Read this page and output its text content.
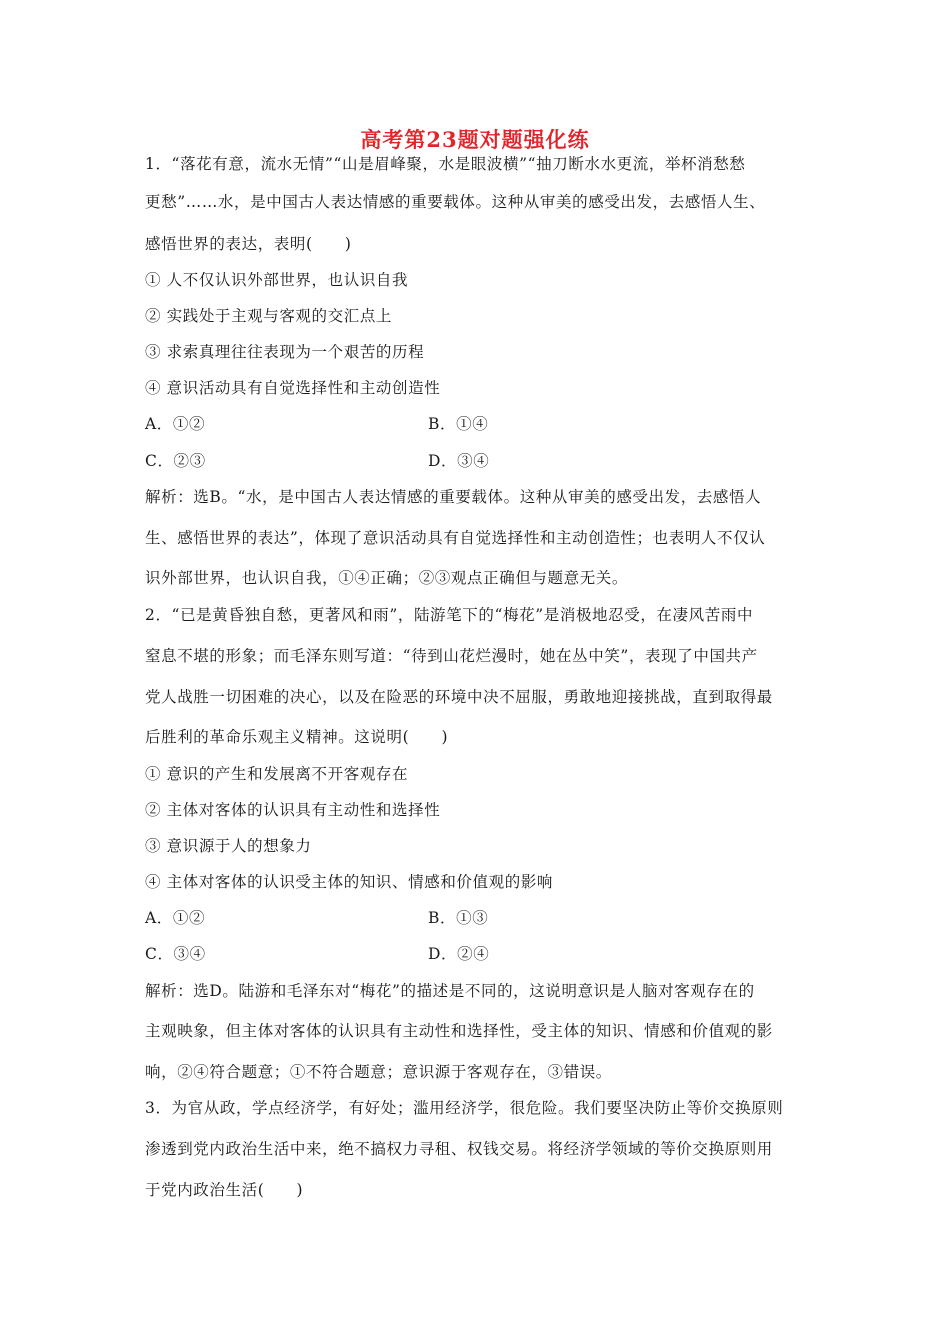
高考第23题对题强化练
1．“落花有意，流水无情”“山是眉峰聚，水是眼波横”“抽刀断水水更流，举杯消愁愁
更愁”……水，是中国古人表达情感的重要载体。这种从审美的感受出发，去感悟人生、
感悟世界的表达，表明(　　)
① 人不仅认识外部世界，也认识自我
② 实践处于主观与客观的交汇点上
③ 求索真理往往表现为一个艰苦的历程
④ 意识活动具有自觉选择性和主动创造性
A．①②	B．①④
C．②③	D．③④
解析：选B。“水，是中国古人表达情感的重要载体。这种从审美的感受出发，去感悟人
生、感悟世界的表达”，体现了意识活动具有自觉选择性和主动创造性；也表明人不仅认
识外部世界，也认识自我，①④正确；②③观点正确但与题意无关。
2．“已是黄昏独自愁，更著风和雨”，陆游笔下的“梅花”是消极地忍受，在凄风苦雨中
窒息不堪的形象；而毛泽东则写道：“待到山花烂漫时，她在丛中笑”，表现了中国共产
党人战胜一切困难的决心，以及在险恶的环境中决不屈服，勇敢地迎接挑战，直到取得最
后胜利的革命乐观主义精神。这说明(　　)
① 意识的产生和发展离不开客观存在
② 主体对客体的认识具有主动性和选择性
③ 意识源于人的想象力
④ 主体对客体的认识受主体的知识、情感和价值观的影响
A．①②	B．①③
C．③④	D．②④
解析：选D。陆游和毛泽东对“梅花”的描述是不同的，这说明意识是人脑对客观存在的
主观映象，但主体对客体的认识具有主动性和选择性，受主体的知识、情感和价值观的影
响，②④符合题意；①不符合题意；意识源于客观存在，③错误。
3．为官从政，学点经济学，有好处；滥用经济学，很危险。我们要坚决防止等价交换原则
渗透到党内政治生活中来，绝不搞权力寻租、权钱交易。将经济学领域的等价交换原则用
于党内政治生活(　　)
